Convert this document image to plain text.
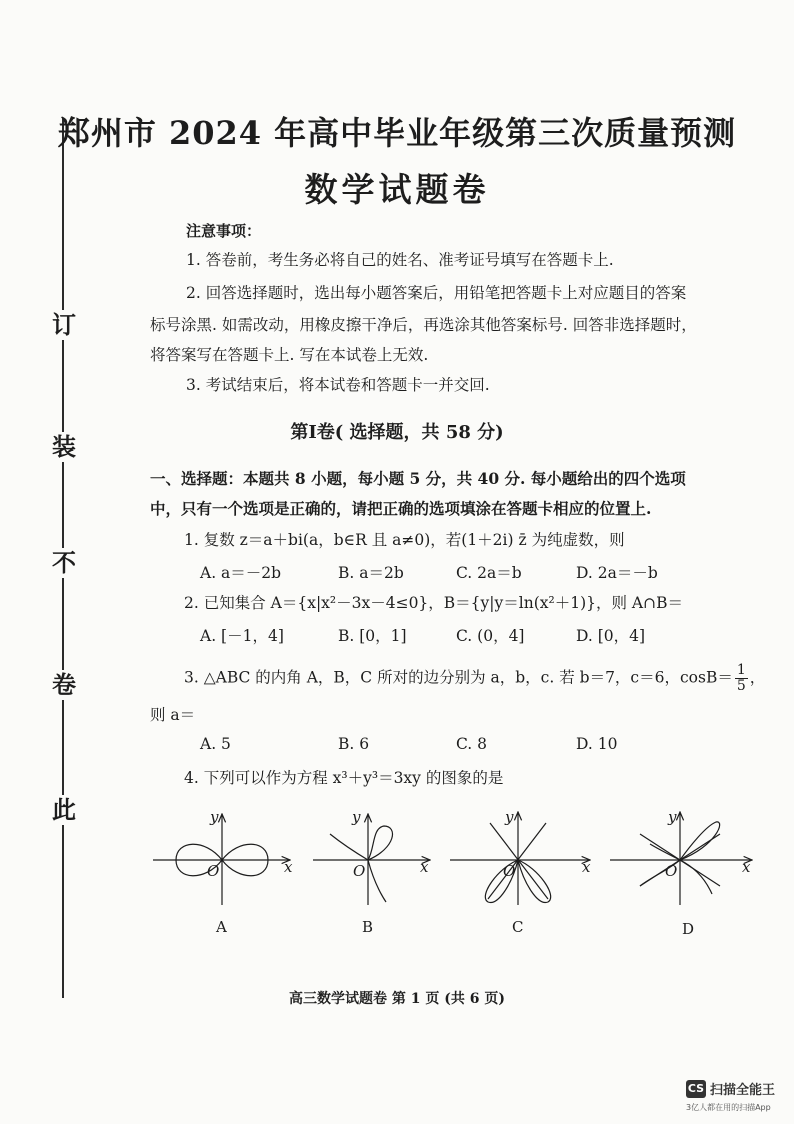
此
卷
不
装
订
郑州市 2024 年高中毕业年级第三次质量预测
数学试题卷
注意事项：
1. 答卷前，考生务必将自己的姓名、准考证号填写在答题卡上.
2. 回答选择题时，选出每小题答案后，用铅笔把答题卡上对应题目的答案
标号涂黑. 如需改动，用橡皮擦干净后，再选涂其他答案标号. 回答非选择题时，
将答案写在答题卡上. 写在本试卷上无效.
3. 考试结束后，将本试卷和答题卡一并交回.
第Ⅰ卷( 选择题，共 58 分)
一、选择题：本题共 8 小题，每小题 5 分，共 40 分. 每小题给出的四个选项
中，只有一个选项是正确的，请把正确的选项填涂在答题卡相应的位置上.
1. 复数 z＝a＋bi(a，b∈R 且 a≠0)，若(1＋2i) z̄ 为纯虚数，则
A. a＝－2b	B. a＝2b	C. 2a＝b	D. 2a＝－b
2. 已知集合 A＝{x|x²－3x－4≤0}，B＝{y|y＝ln(x²＋1)}，则 A∩B＝
A. [－1，4]	B. [0，1]	C. (0，4]	D. [0，4]
3. △ABC 的内角 A，B，C 所对的边分别为 a，b，c. 若 b＝7，c＝6，$\cos B= \frac{1}{5}$ ，
则 a＝
A. 5	B. 6	C. 8	D. 10
4. 下列可以作为方程 x³＋y³＝3xy 的图象的是
O
y
x
A
O
y
x
B
O
y
x
C
O
y
x
D
高三数学试题卷 第 1 页 (共 6 页)
CS 扫描全能王
3亿人都在用的扫描App
